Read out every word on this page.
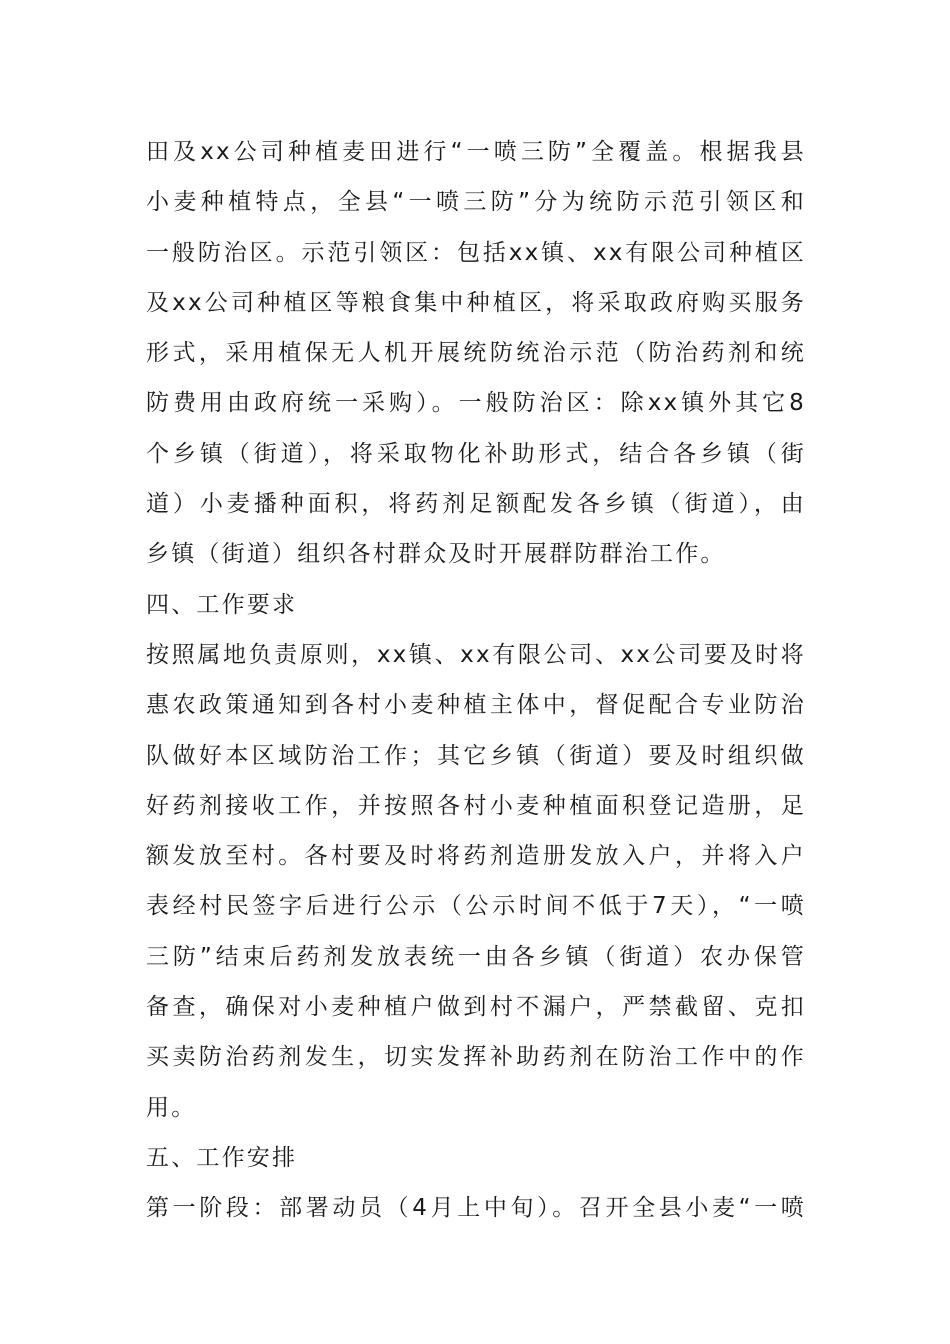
田及xx公司种植麦田进行“一喷三防”全覆盖。根据我县
小麦种植特点，全县“一喷三防”分为统防示范引领区和
一般防治区。示范引领区：包括xx镇、xx有限公司种植区
及xx公司种植区等粮食集中种植区，将采取政府购买服务
形式，采用植保无人机开展统防统治示范（防治药剂和统
防费用由政府统一采购）。一般防治区：除xx镇外其它8
个乡镇（街道），将采取物化补助形式，结合各乡镇（街
道）小麦播种面积，将药剂足额配发各乡镇（街道），由
乡镇（街道）组织各村群众及时开展群防群治工作。
四、工作要求
按照属地负责原则，xx镇、xx有限公司、xx公司要及时将
惠农政策通知到各村小麦种植主体中，督促配合专业防治
队做好本区域防治工作；其它乡镇（街道）要及时组织做
好药剂接收工作，并按照各村小麦种植面积登记造册，足
额发放至村。各村要及时将药剂造册发放入户，并将入户
表经村民签字后进行公示（公示时间不低于7天），“一喷
三防”结束后药剂发放表统一由各乡镇（街道）农办保管
备查，确保对小麦种植户做到村不漏户，严禁截留、克扣
买卖防治药剂发生，切实发挥补助药剂在防治工作中的作
用。
五、工作安排
第一阶段：部署动员（4月上中旬）。召开全县小麦“一喷
